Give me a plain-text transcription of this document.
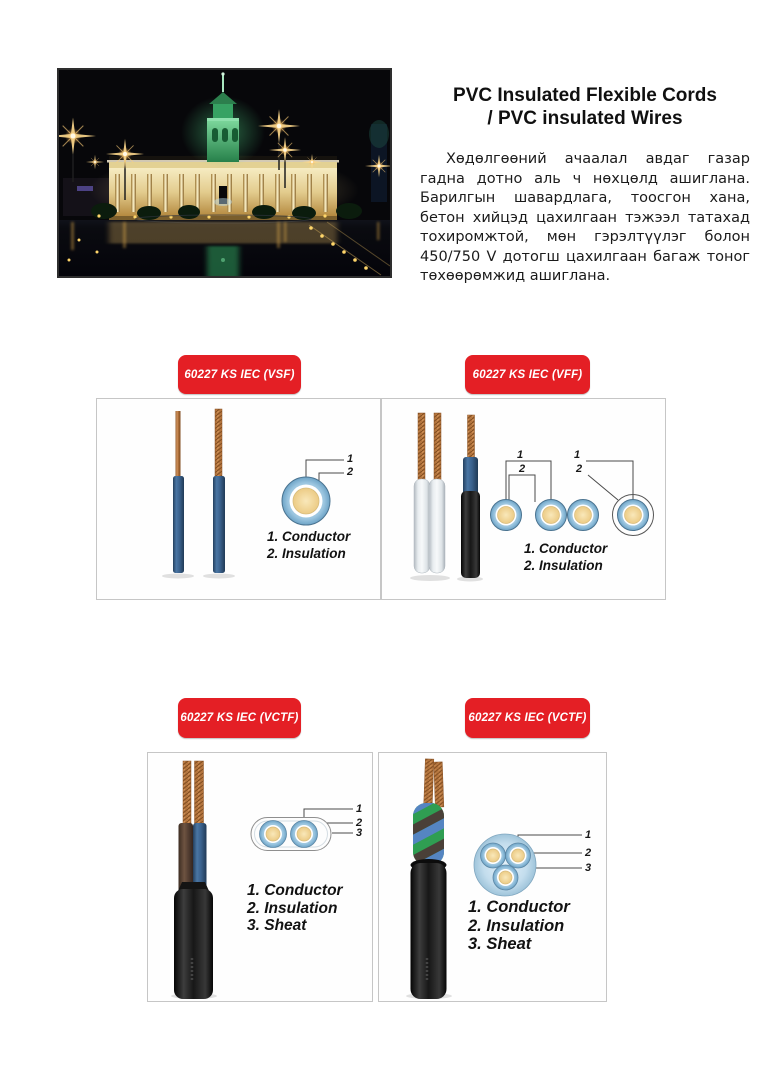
PVC Insulated Flexible Cords
/ PVC insulated Wires

Хөдөлгөөний ачаалал авдаг газар гадна дотно аль ч нөхцөлд ашиглана. Барилгын шавардлага, тоосгон хана, бетон хийцэд цахилгаан тэжээл татахад тохиромжтой, мөн гэрэлтүүлэг болон 450/750 V дотогш цахилгаан багаж тоног төхөөрөмжид ашиглана.

60227 KS IEC (VSF)	60227 KS IEC (VFF)
60227 KS IEC (VCTF)	60227 KS IEC (VCTF)
1
2
1. Conductor
2. Insulation
1
2
1
2
1. Conductor
2. Insulation
1
2
3
1. Conductor
2. Insulation
3. Sheat
1
2
3
1. Conductor
2. Insulation
3. Sheat
